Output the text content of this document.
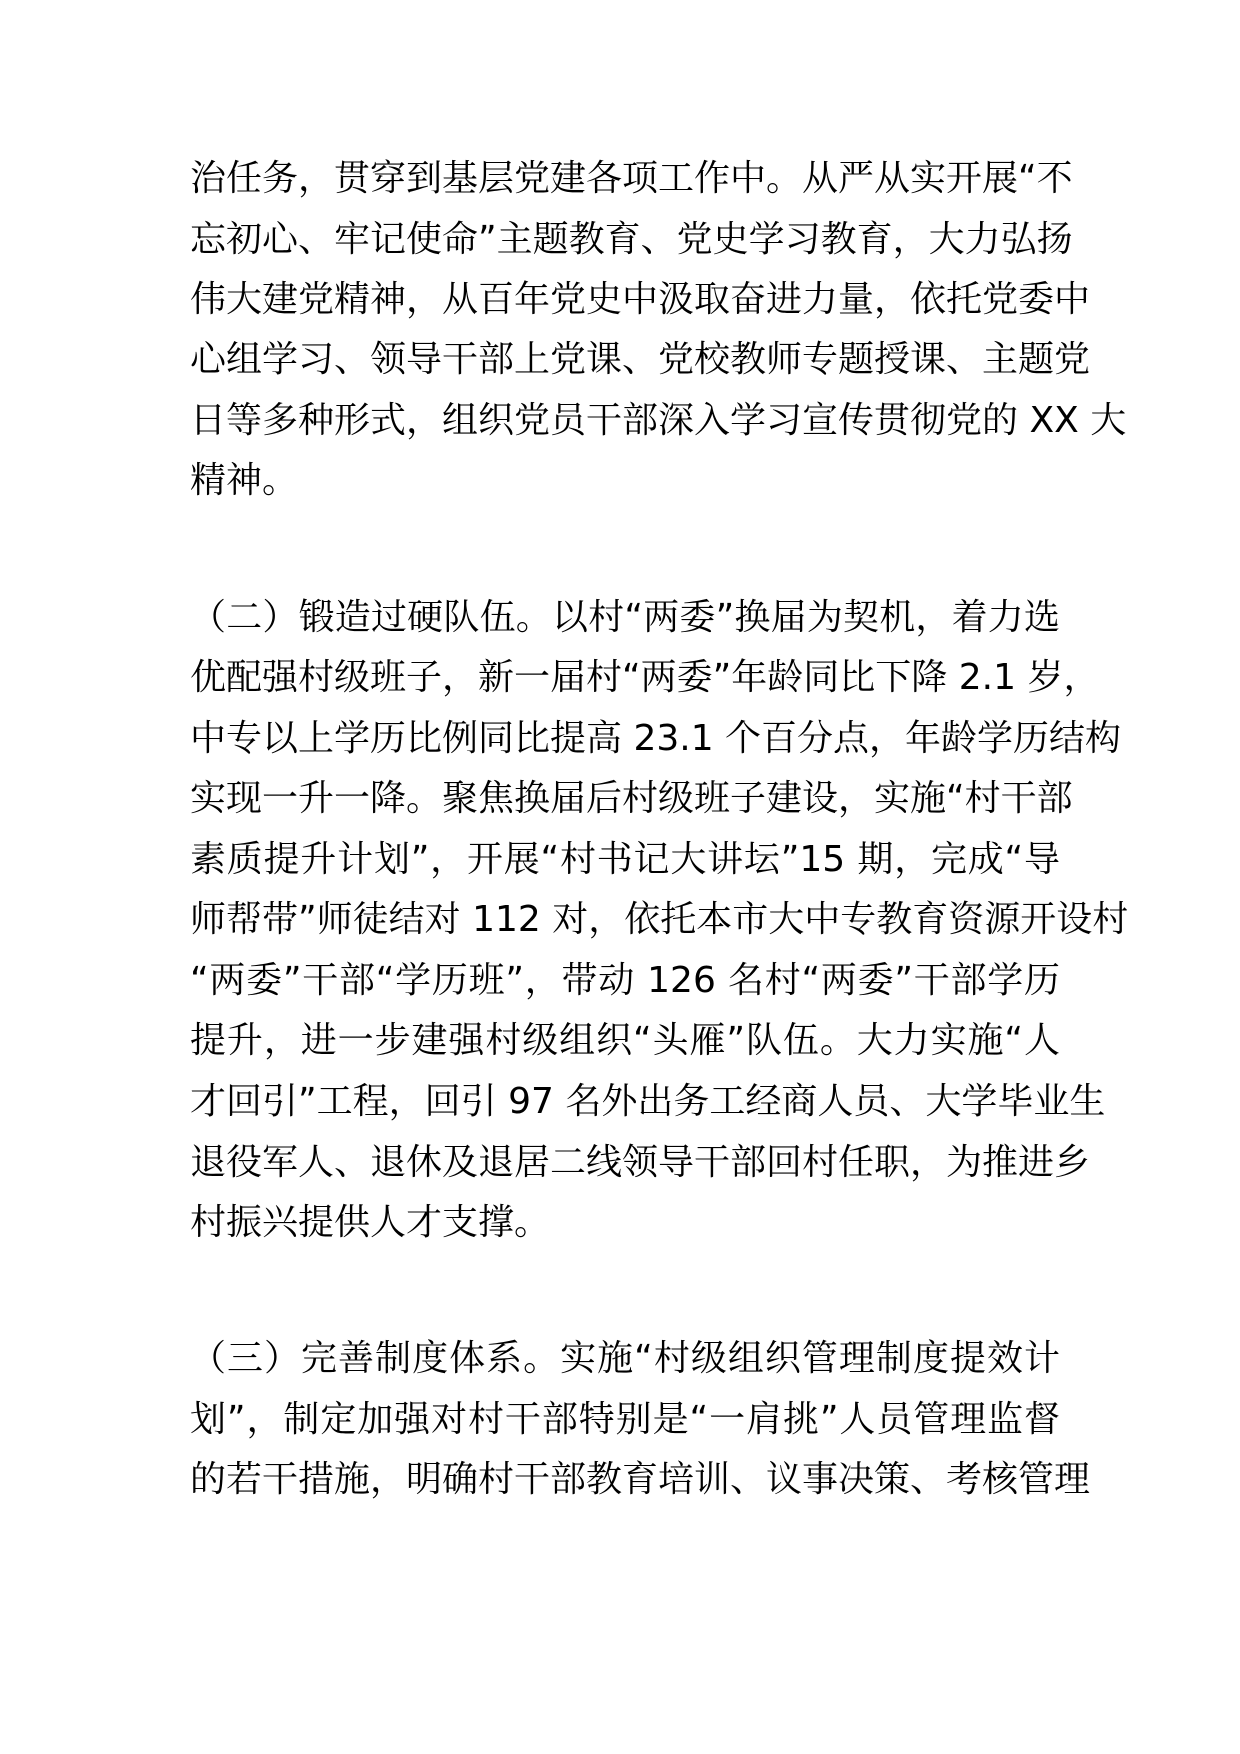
治任务，贯穿到基层党建各项工作中。从严从实开展“不

忘初心、牢记使命”主题教育、党史学习教育，大力弘扬

伟大建党精神，从百年党史中汲取奋进力量，依托党委中

心组学习、领导干部上党课、党校教师专题授课、主题党

日等多种形式，组织党员干部深入学习宣传贯彻党的 XX 大

精神。

（二）锻造过硬队伍。以村“两委”换届为契机，着力选

优配强村级班子，新一届村“两委”年龄同比下降 2.1 岁，

中专以上学历比例同比提高 23.1 个百分点，年龄学历结构

实现一升一降。聚焦换届后村级班子建设，实施“村干部

素质提升计划”，开展“村书记大讲坛”15 期，完成“导

师帮带”师徒结对 112 对，依托本市大中专教育资源开设村

“两委”干部“学历班”，带动 126 名村“两委”干部学历

提升，进一步建强村级组织“头雁”队伍。大力实施“人

才回引”工程，回引 97 名外出务工经商人员、大学毕业生

退役军人、退休及退居二线领导干部回村任职，为推进乡

村振兴提供人才支撑。

（三）完善制度体系。实施“村级组织管理制度提效计

划”，制定加强对村干部特别是“一肩挑”人员管理监督

的若干措施，明确村干部教育培训、议事决策、考核管理
